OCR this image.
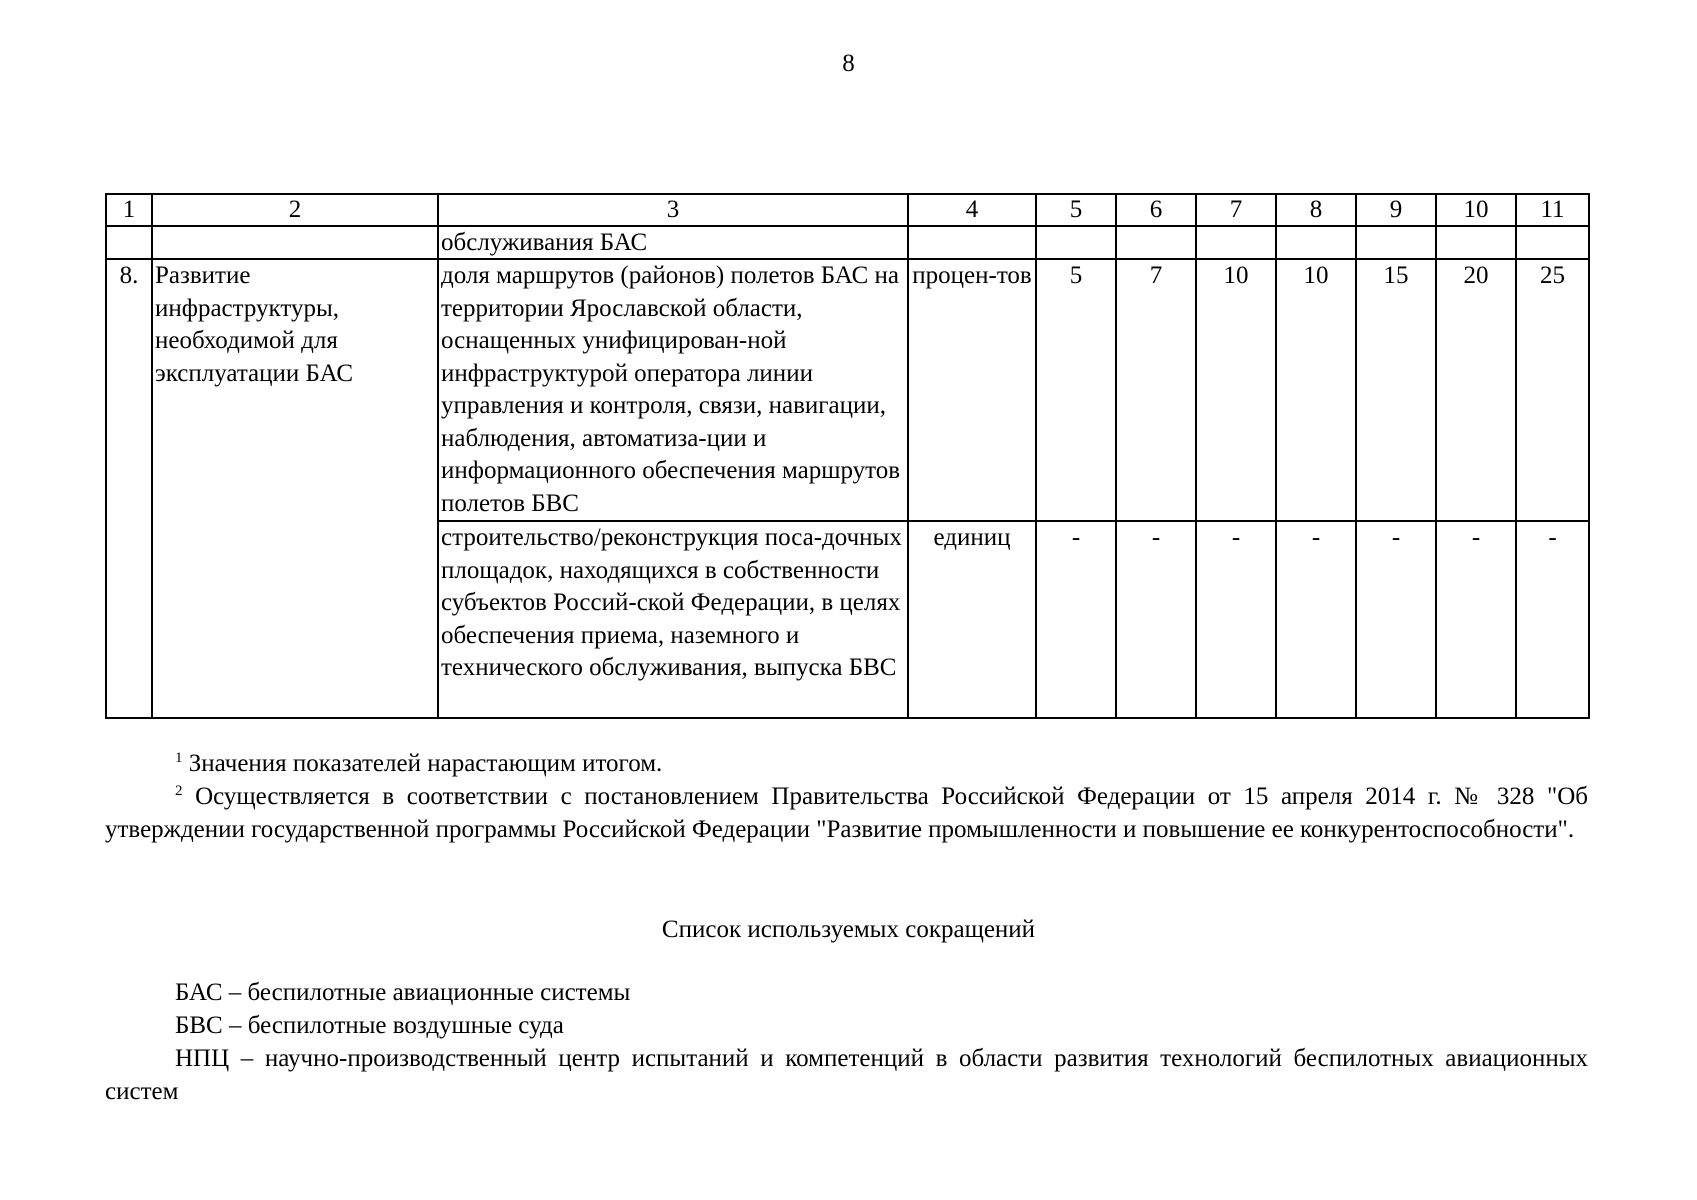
8
1	2	3	4	5	6	7	8	9	10	11
		обслуживания БАС								
8.	Развитие инфраструктуры, необходимой для эксплуатации БАС	доля маршрутов (районов) полетов БАС на территории Ярославской области, оснащенных унифицирован-ной инфраструктурой оператора линии управления и контроля, связи, навигации, наблюдения, автоматиза-ции и информационного обеспечения маршрутов полетов БВС	процен-тов	5	7	10	10	15	20	25
		строительство/реконструкция поса-дочных площадок, находящихся в собственности субъектов Россий-ской Федерации, в целях обеспечения приема, наземного и технического обслуживания, выпуска БВС	единиц	-	-	-	-	-	-	-

$^1$ Значения показателей нарастающим итогом.

$^2$ Осуществляется в соответствии с постановлением Правительства Российской Федерации от 15 апреля 2014 г. № 328 "Об утверждении государственной программы Российской Федерации "Развитие промышленности и повышение ее конкурентоспособности".

Список используемых сокращений

БАС – беспилотные авиационные системы

БВС – беспилотные воздушные суда

НПЦ – научно-производственный центр испытаний и компетенций в области развития технологий беспилотных авиационных систем
